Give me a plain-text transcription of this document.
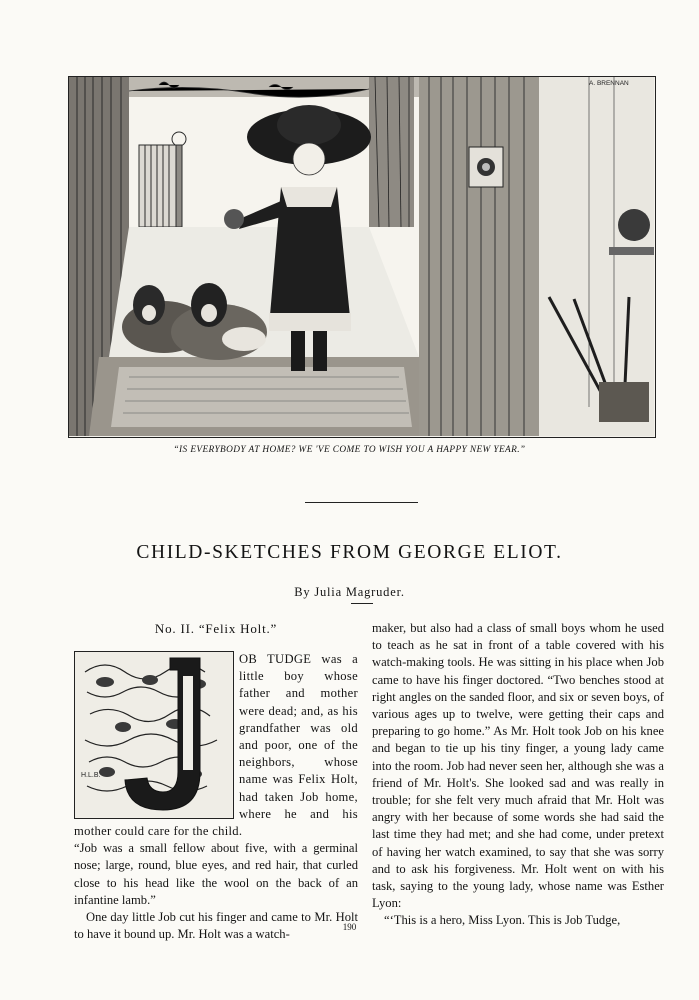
A. BRENNAN
“IS EVERYBODY AT HOME? WE 'VE COME TO WISH YOU A HAPPY NEW YEAR.”
CHILD-SKETCHES FROM GEORGE ELIOT.
By Julia Magruder.
No. II. “Felix Holt.”
H.L.B.

OB TUDGE was a little boy whose father and mother were dead; and, as his grandfather was old and poor, one of the neighbors, whose name was Felix Holt, had taken Job home, where he and his mother could care for the child.

“Job was a small fellow about five, with a germinal nose; large, round, blue eyes, and red hair, that curled close to his head like the wool on the back of an infantine lamb.”

One day little Job cut his finger and came to Mr. Holt to have it bound up. Mr. Holt was a watch-

maker, but also had a class of small boys whom he used to teach as he sat in front of a table covered with his watch-making tools. He was sitting in his place when Job came to have his finger doctored. “Two benches stood at right angles on the sanded floor, and six or seven boys, of various ages up to twelve, were getting their caps and preparing to go home.” As Mr. Holt took Job on his knee and began to tie up his tiny finger, a young lady came into the room. Job had never seen her, although she was a friend of Mr. Holt's. She looked sad and was really in trouble; for she felt very much afraid that Mr. Holt was angry with her because of some words she had said the last time they had met; and she had come, under pretext of having her watch examined, to say that she was sorry and to ask his forgiveness. Mr. Holt went on with his task, saying to the young lady, whose name was Esther Lyon:

“‘This is a hero, Miss Lyon. This is Job Tudge,

190
